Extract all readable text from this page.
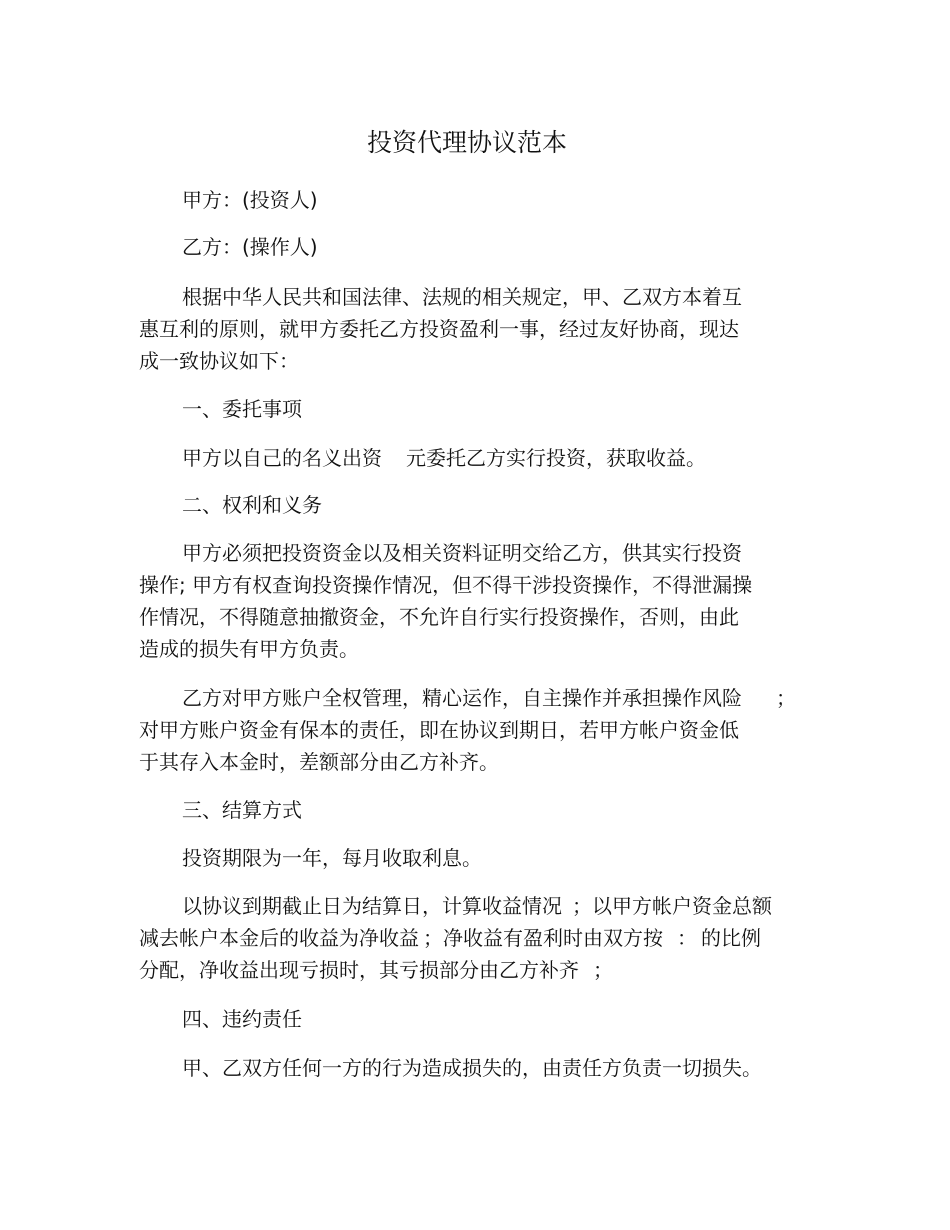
投资代理协议范本
甲方：(投资人)
乙方：(操作人)
根据中华人民共和国法律、法规的相关规定，甲、乙双方本着互
惠互利的原则，就甲方委托乙方投资盈利一事，经过友好协商，现达
成一致协议如下：
一、委托事项
甲方以自己的名义出资 元委托乙方实行投资，获取收益。
二、权利和义务
甲方必须把投资资金以及相关资料证明交给乙方，供其实行投资
操作; 甲方有权查询投资操作情况，但不得干涉投资操作，不得泄漏操
作情况，不得随意抽撤资金，不允许自行实行投资操作，否则，由此
造成的损失有甲方负责。
乙方对甲方账户全权管理，精心运作，自主操作并承担操作风险 ；
对甲方账户资金有保本的责任，即在协议到期日，若甲方帐户资金低
于其存入本金时，差额部分由乙方补齐。
三、结算方式
投资期限为一年，每月收取利息。
以协议到期截止日为结算日，计算收益情况 ；以甲方帐户资金总额
减去帐户本金后的收益为净收益 ；净收益有盈利时由双方按 ： 的比例
分配，净收益出现亏损时，其亏损部分由乙方补齐 ；
四、违约责任
甲、乙双方任何一方的行为造成损失的，由责任方负责一切损失。
